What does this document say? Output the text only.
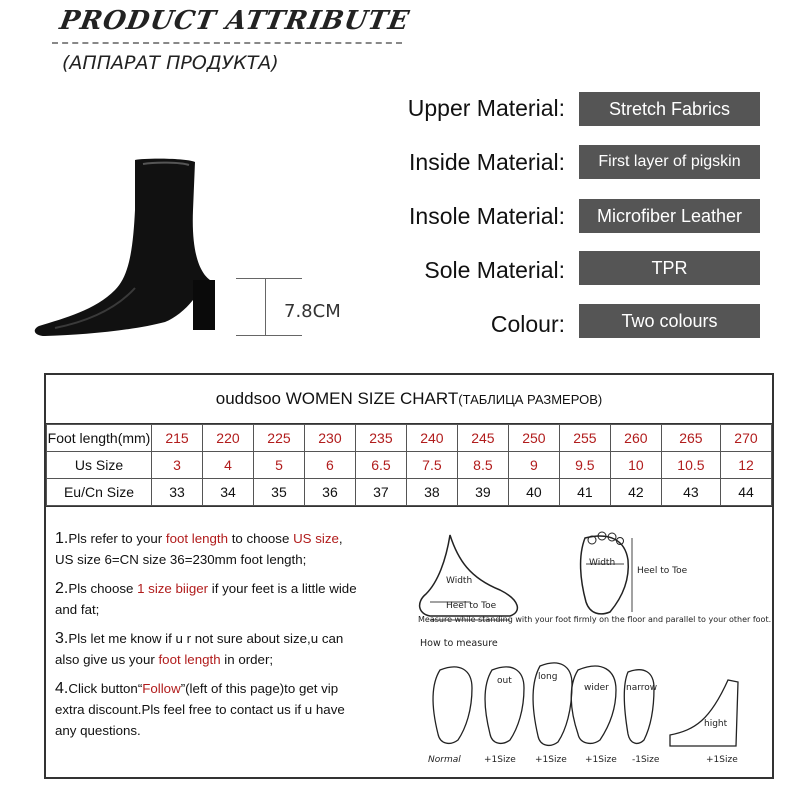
PRODUCT ATTRIBUTE
(АППАРАТ ПРОДУКТА)
7.8CM
Upper Material:	Stretch Fabrics
Inside Material:	First layer of pigskin
Insole Material:	Microfiber Leather
Sole Material:	TPR
Colour:	Two colours
ouddsoo WOMEN SIZE CHART (ТАБЛИЦА РАЗМЕРОВ)
Foot length(mm)	215	220	225	230	235	240	245	250	255	260	265	270
Us Size	3	4	5	6	6.5	7.5	8.5	9	9.5	10	10.5	12
Eu/Cn Size	33	34	35	36	37	38	39	40	41	42	43	44
1.Pls refer to your foot length to choose US size,
US size 6=CN size 36=230mm foot length;
2.Pls choose 1 size biiger if your feet is a little wide
and fat;
3.Pls let me know if u r not sure about size,u can
also give us your foot length in order;
4.Click button“Follow”(left of this page)to get vip
extra discount.Pls feel free to contact us if u have
any questions.
Width
Heel to Toe
Width
Heel to Toe
Measure while standing with your foot firmly on the floor and parallel to your other foot.
How to measure
out	long
wider narrow
hight
Normal	+1Size +1Size +1Size -1Size	+1Size
